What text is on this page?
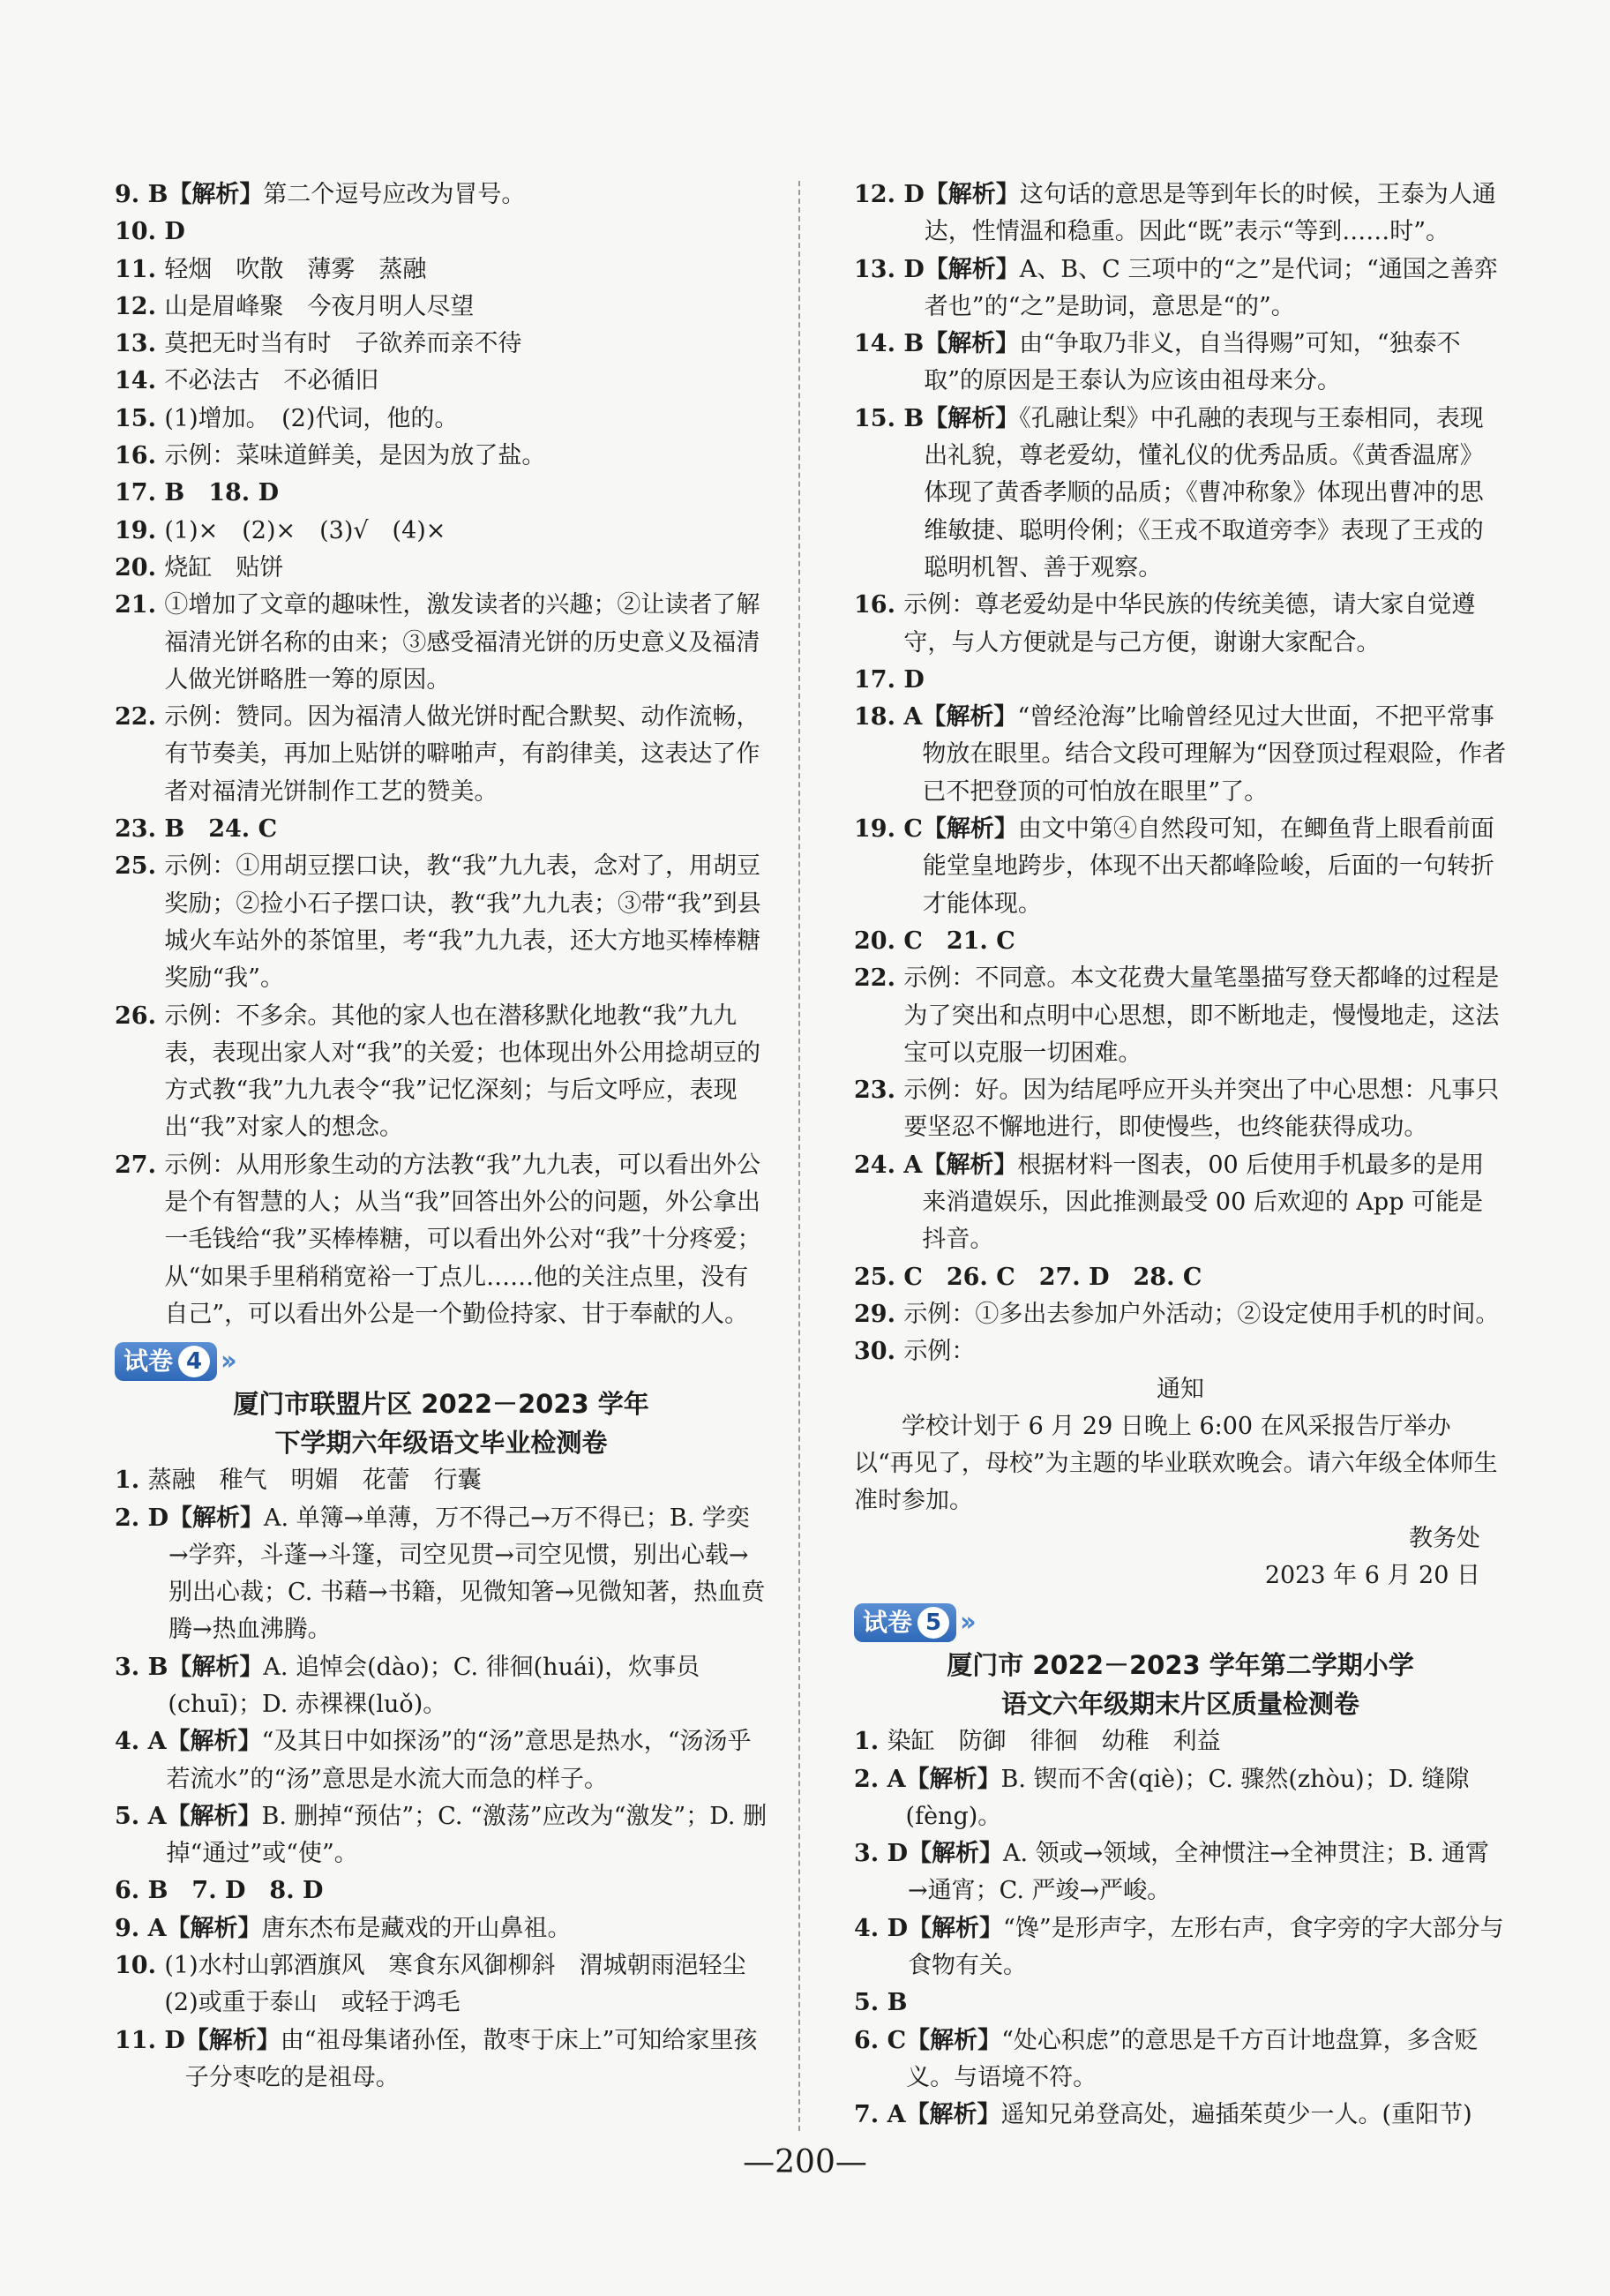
9. B 【解析】第二个逗号应改为冒号。
10. D
11. 轻烟　吹散　薄雾　蒸融
12. 山是眉峰聚　今夜月明人尽望
13. 莫把无时当有时　子欲养而亲不待
14. 不必法古　不必循旧
15. (1)增加。　(2)代词，他的。
16. 示例：菜味道鲜美，是因为放了盐。
17. B　18. D
19. (1)×　(2)×　(3)√　(4)×
20. 烧缸　贴饼
21. ①增加了文章的趣味性，激发读者的兴趣；②让读者了解福清光饼名称的由来；③感受福清光饼的历史意义及福清人做光饼略胜一筹的原因。
22. 示例：赞同。因为福清人做光饼时配合默契、动作流畅，有节奏美，再加上贴饼的噼啪声，有韵律美，这表达了作者对福清光饼制作工艺的赞美。
23. B　24. C
25. 示例：①用胡豆摆口诀，教“我”九九表，念对了，用胡豆奖励；②捡小石子摆口诀，教“我”九九表；③带“我”到县城火车站外的茶馆里，考“我”九九表，还大方地买棒棒糖奖励“我”。
26. 示例：不多余。其他的家人也在潜移默化地教“我”九九表，表现出家人对“我”的关爱；也体现出外公用捻胡豆的方式教“我”九九表令“我”记忆深刻；与后文呼应，表现出“我”对家人的想念。
27. 示例：从用形象生动的方法教“我”九九表，可以看出外公是个有智慧的人；从当“我”回答出外公的问题，外公拿出一毛钱给“我”买棒棒糖，可以看出外公对“我”十分疼爱；从“如果手里稍稍宽裕一丁点儿……他的关注点里，没有自己”，可以看出外公是一个勤俭持家、甘于奉献的人。
试卷 4 ››
厦门市联盟片区 2022－2023 学年
下学期六年级语文毕业检测卷
1. 蒸融　稚气　明媚　花蕾　行囊
2. D 【解析】A. 单簿→单薄，万不得己→万不得已；B. 学奕→学弈，斗蓬→斗篷，司空见贯→司空见惯，别出心载→别出心裁；C. 书藉→书籍，见微知箸→见微知著，热血贲腾→热血沸腾。
3. B 【解析】A. 追悼会(dào)；C. 徘徊(huái)，炊事员(chuī)；D. 赤裸裸(luǒ)。
4. A 【解析】“及其日中如探汤”的“汤”意思是热水，“汤汤乎若流水”的“汤”意思是水流大而急的样子。
5. A 【解析】B. 删掉“预估”；C. “激荡”应改为“激发”；D. 删掉“通过”或“使”。
6. B　7. D　8. D
9. A 【解析】唐东杰布是藏戏的开山鼻祖。
10. (1)水村山郭酒旗风　寒食东风御柳斜　渭城朝雨浥轻尘　(2)或重于泰山　或轻于鸿毛
11. D 【解析】由“祖母集诸孙侄，散枣于床上”可知给家里孩子分枣吃的是祖母。
12. D 【解析】这句话的意思是等到年长的时候，王泰为人通达，性情温和稳重。因此“既”表示“等到……时”。
13. D 【解析】A、B、C 三项中的“之”是代词；“通国之善弈者也”的“之”是助词，意思是“的”。
14. B 【解析】由“争取乃非义，自当得赐”可知，“独泰不取”的原因是王泰认为应该由祖母来分。
15. B 【解析】《孔融让梨》中孔融的表现与王泰相同，表现出礼貌，尊老爱幼，懂礼仪的优秀品质。《黄香温席》体现了黄香孝顺的品质；《曹冲称象》体现出曹冲的思维敏捷、聪明伶俐；《王戎不取道旁李》表现了王戎的聪明机智、善于观察。
16. 示例：尊老爱幼是中华民族的传统美德，请大家自觉遵守，与人方便就是与己方便，谢谢大家配合。
17. D
18. A 【解析】“曾经沧海”比喻曾经见过大世面，不把平常事物放在眼里。结合文段可理解为“因登顶过程艰险，作者已不把登顶的可怕放在眼里”了。
19. C 【解析】由文中第④自然段可知，在鲫鱼背上眼看前面能堂皇地跨步，体现不出天都峰险峻，后面的一句转折才能体现。
20. C　21. C
22. 示例：不同意。本文花费大量笔墨描写登天都峰的过程是为了突出和点明中心思想，即不断地走，慢慢地走，这法宝可以克服一切困难。
23. 示例：好。因为结尾呼应开头并突出了中心思想：凡事只要坚忍不懈地进行，即使慢些，也终能获得成功。
24. A 【解析】根据材料一图表，00 后使用手机最多的是用来消遣娱乐，因此推测最受 00 后欢迎的 App 可能是抖音。
25. C　26. C　27. D　28. C
29. 示例：①多出去参加户外活动；②设定使用手机的时间。
30. 示例：
通知
学校计划于 6 月 29 日晚上 6:00 在风采报告厅举办以“再见了，母校”为主题的毕业联欢晚会。请六年级全体师生准时参加。
教务处
2023 年 6 月 20 日
试卷 5 ››
厦门市 2022－2023 学年第二学期小学
语文六年级期末片区质量检测卷
1. 染缸　防御　徘徊　幼稚　利益
2. A 【解析】B. 锲而不舍(qiè)；C. 骤然(zhòu)；D. 缝隙(fèng)。
3. D 【解析】A. 领或→领域，全神惯注→全神贯注；B. 通霄→通宵；C. 严竣→严峻。
4. D 【解析】“馋”是形声字，左形右声，食字旁的字大部分与食物有关。
5. B
6. C 【解析】“处心积虑”的意思是千方百计地盘算，多含贬义。与语境不符。
7. A 【解析】遥知兄弟登高处，遍插茱萸少一人。(重阳节)
—200—
